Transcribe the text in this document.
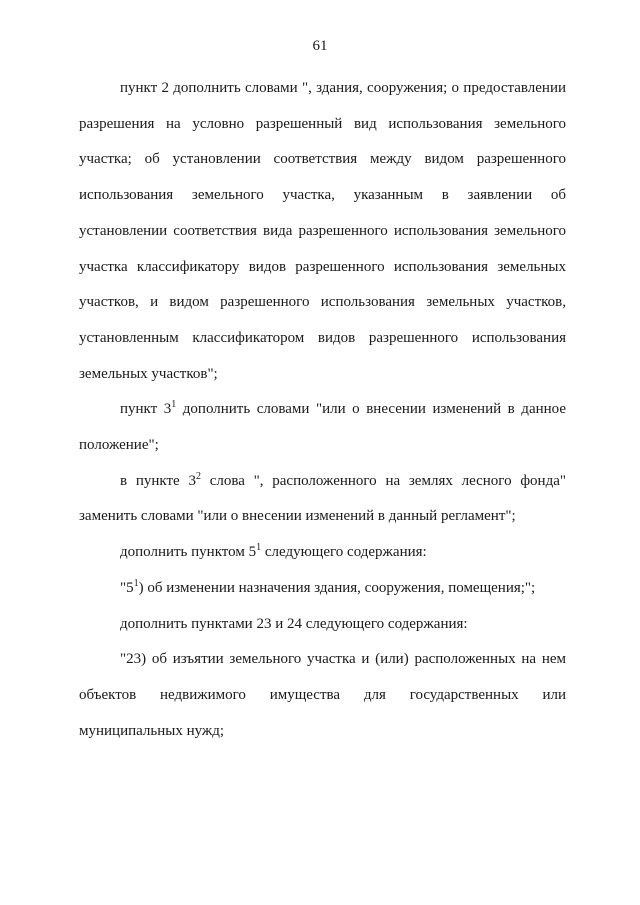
61

пункт 2 дополнить словами ", здания, сооружения; о предоставлении разрешения на условно разрешенный вид использования земельного участка; об установлении соответствия между видом разрешенного использования земельного участка, указанным в заявлении об установлении соответствия вида разрешенного использования земельного участка классификатору видов разрешенного использования земельных участков, и видом разрешенного использования земельных участков, установленным классификатором видов разрешенного использования земельных участков";

пункт $3^1$ дополнить словами "или о внесении изменений в данное положение";

в пункте $3^2$ слова ", расположенного на землях лесного фонда" заменить словами "или о внесении изменений в данный регламент";

дополнить пунктом $5^1$ следующего содержания:

"$5^1$) об изменении назначения здания, сооружения, помещения;";

дополнить пунктами 23 и 24 следующего содержания:

"23) об изъятии земельного участка и (или) расположенных на нем объектов недвижимого имущества для государственных или муниципальных нужд;
